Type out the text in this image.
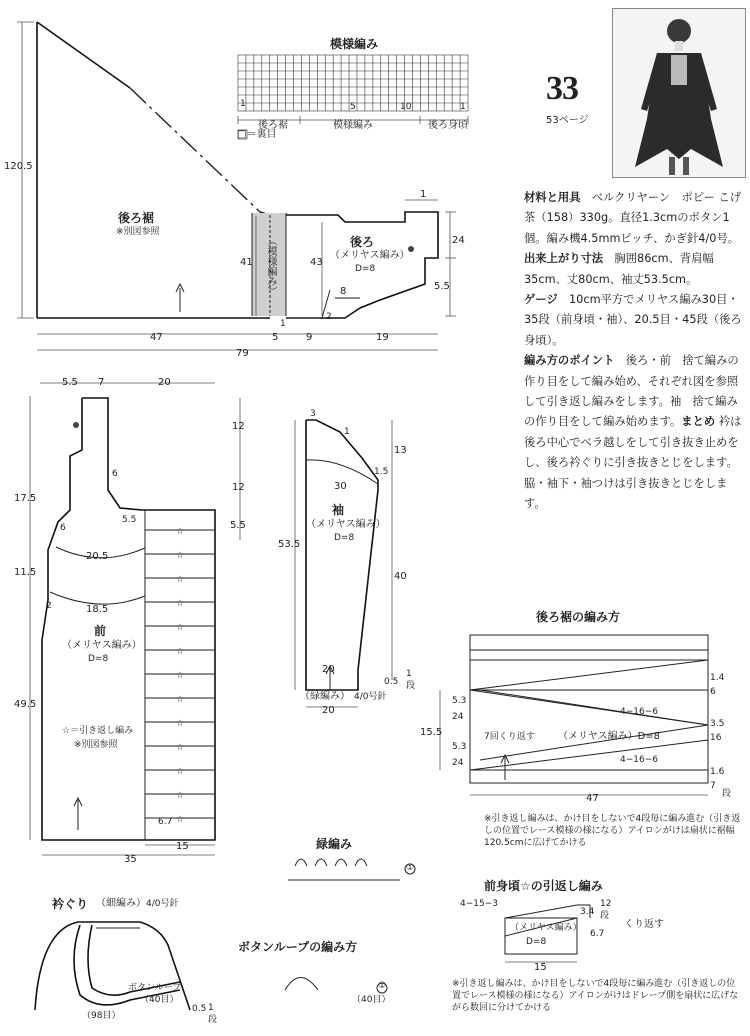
☆
☆
☆
☆
☆
☆
☆
☆
☆
☆
☆
☆
☆
模様編み
1	5	10	1
後ろ裾	模様編み	後ろ身頃
□＝裏目
33
53ページ

材料と用具　 ベルクリヤーン　ポピー こげ茶（158）330g。直径1.3cmのボタン1個。編み機4.5mmピッチ、かぎ針4/0号。

出来上がり寸法　 胸囲86cm、背肩幅35cm、丈80cm、袖丈53.5cm。

ゲージ　 10cm平方でメリヤス編み30目・35段（前身頃・袖）、20.5目・45段（後ろ身頃）。

編み方のポイント　 後ろ・前　捨て編みの作り目をして編み始め、それぞれ図を参照して引き返し編みをします。袖　捨て編みの作り目をして編み始めます。まとめ 衿は後ろ中心でベラ越しをして引き抜き止めをし、後ろ衿ぐりに引き抜きとじをします。脇・袖下・袖つけは引き抜きとじをします。

後ろ裾
※別図参照
後ろ
（メリヤス編み）
D=8
（模様編み）
120.5
47	5	9	19
79
41	43
24
5.5
1
8
1
2
5.5 7	20
12
12
5.5
17.5
11.5
49.5
20.5
18.5
前
（メリヤス編み）
D=8
☆＝引き返し編み
※別図参照
35
15
6.7
6
6
5.5
2
袖
（メリヤス編み）
D=8
53.5
13
40
30
20
20
3
1
1.5
0.5
1
段
（緑編み） 4/0号針
緑編み
①
衿ぐり （細編み） 4/0号針
ボタンループ
（40目）
（98目）
0.5 1
段
ボタンループの編み方
（40目）
①
後ろ裾の編み方
（メリヤス編み）D=8
7回くり返す
5.3
24
5.3
24
4−16−6
4−16−6
15.5
47
1.4
6
3.5
16
1.6
7
段
※引き返し編みは、かけ目をしないで4段毎に編み進む（引き返しの位置でレース模様の様になる）アイロンがけは扇状に裾幅120.5cmに広げてかける
前身頃☆の引返し編み
4−15−3
（メリヤス編み）
D=8
3.4
12
段
6.7
くり返す
15
※引き返し編みは、かけ目をしないで4段毎に編み進む（引き返しの位置でレース模様の様になる）アイロンがけはドレープ側を扇状に広げながら数回に分けてかける
